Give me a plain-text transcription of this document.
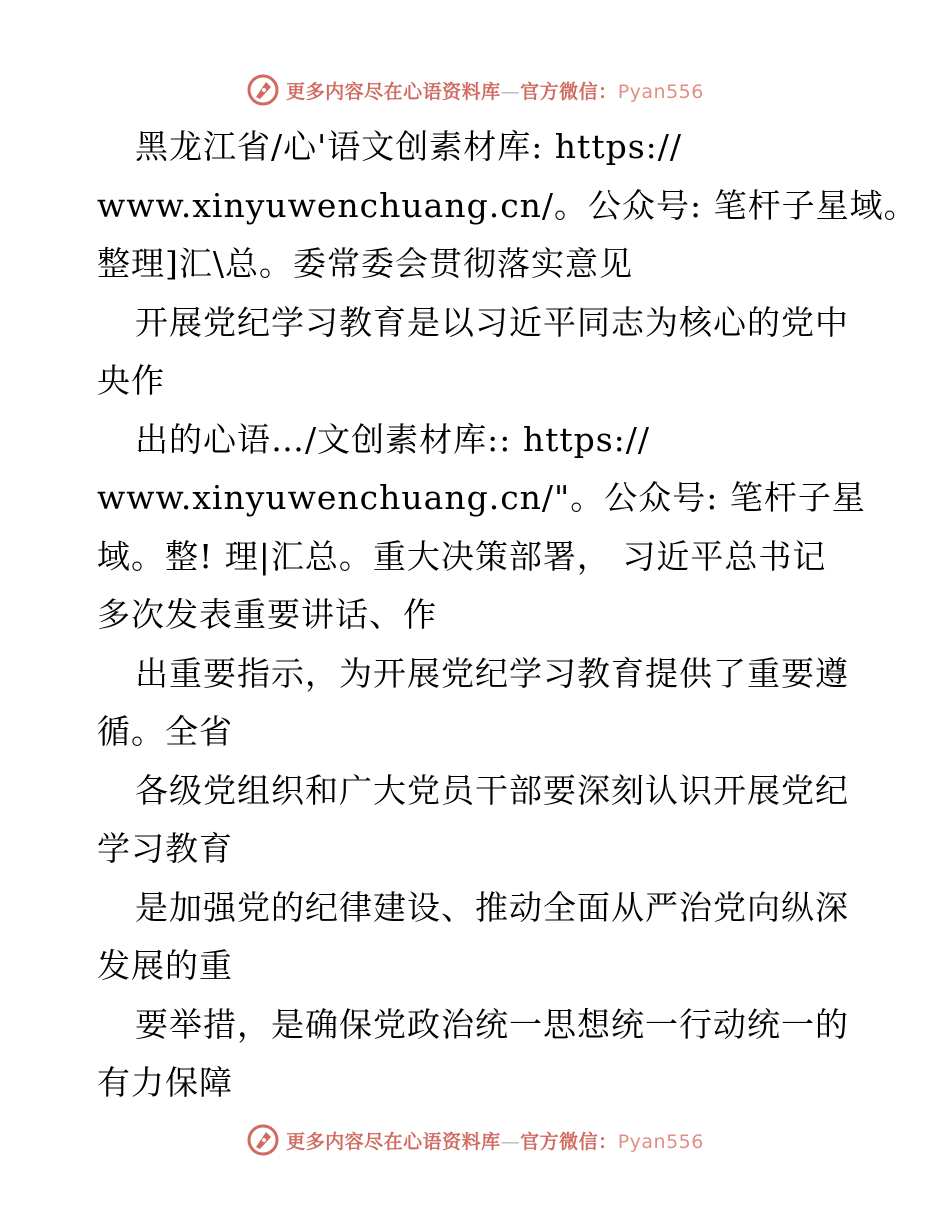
更多内容尽在心语资料库—官方微信：Pyan556
黑龙江省/心'语文创素材库: https://
www.xinyuwenchuang.cn/。公众号: 笔杆子星域。
整理]汇\总。委常委会贯彻落实意见
开展党纪学习教育是以习近平同志为核心的党中
央作
出的心语…/文创素材库:: https://
www.xinyuwenchuang.cn/"。公众号: 笔杆子星
域。整! 理|汇总。重大决策部署， 习近平总书记
多次发表重要讲话、作
出重要指示，为开展党纪学习教育提供了重要遵
循。全省
各级党组织和广大党员干部要深刻认识开展党纪
学习教育
是加强党的纪律建设、推动全面从严治党向纵深
发展的重
要举措，是确保党政治统一思想统一行动统一的
有力保障
更多内容尽在心语资料库—官方微信：Pyan556
